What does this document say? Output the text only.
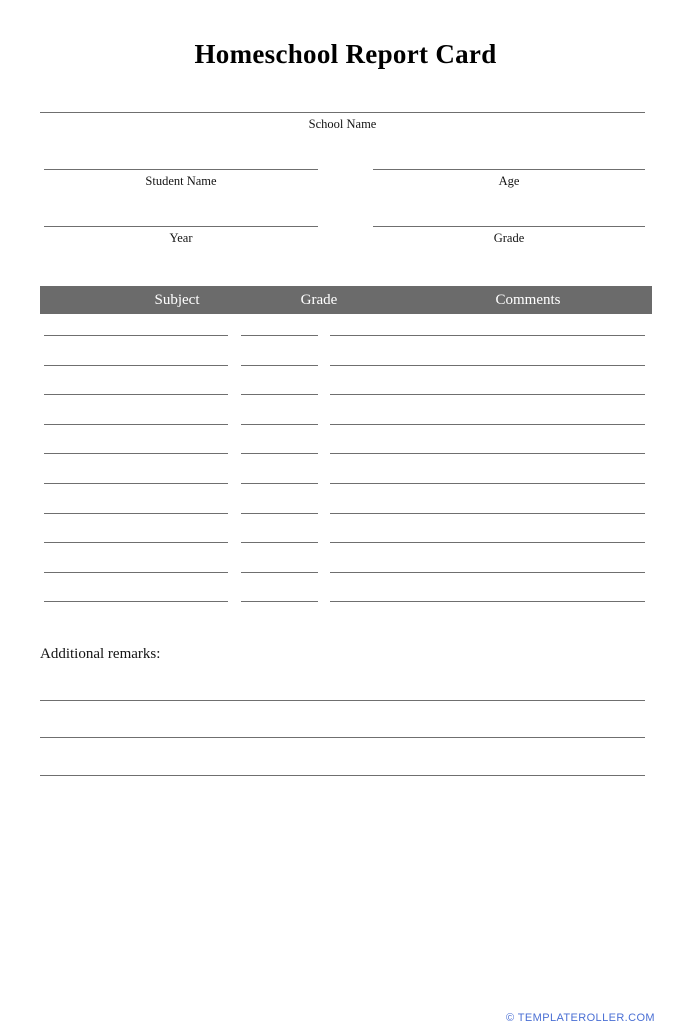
Homeschool Report Card
School Name
Student Name	Age
Year	Grade
Subject	Grade	Comments
Additional remarks:
© TEMPLATEROLLER.COM
